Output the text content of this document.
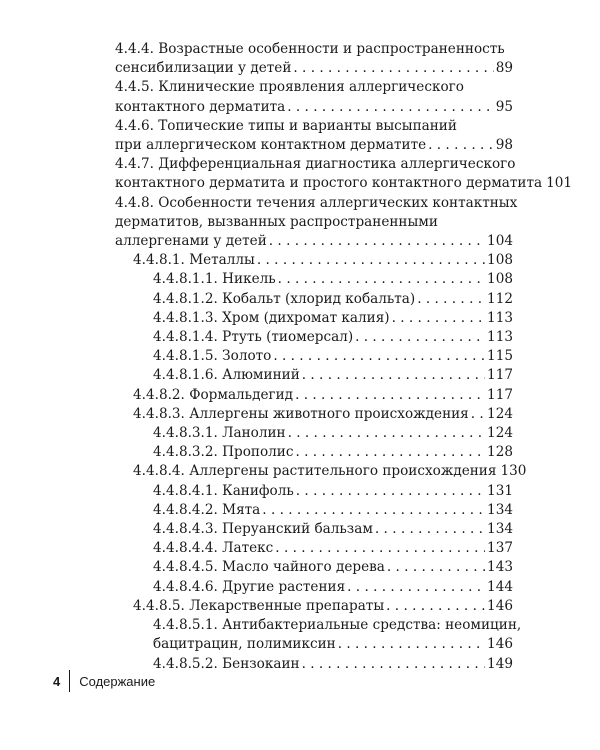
4.4.4. Возрастные особенности и распространенность
сенсибилизации у детей . . .	89
4.4.5. Клинические проявления аллергического
контактного дерматита . . .	95
4.4.6. Топические типы и варианты высыпаний
при аллергическом контактном дерматите . . .	98
4.4.7. Дифференциальная диагностика аллергического
контактного дерматита и простого контактного дерматита 101
4.4.8. Особенности течения аллергических контактных
дерматитов, вызванных распространенными
аллергенами у детей . . .	104
4.4.8.1. Металлы . . .	108
4.4.8.1.1. Никель . . .	108
4.4.8.1.2. Кобальт (хлорид кобальта) . . .	112
4.4.8.1.3. Хром (дихромат калия) . . .	113
4.4.8.1.4. Ртуть (тиомерсал) . . .	113
4.4.8.1.5. Золото . . .	115
4.4.8.1.6. Алюминий . . .	117
4.4.8.2. Формальдегид . . .	117
4.4.8.3. Аллергены животного происхождения . . . 124
4.4.8.3.1. Ланолин . . .	124
4.4.8.3.2. Прополис . . .	128
4.4.8.4. Аллергены растительного происхождения 130
4.4.8.4.1. Канифоль . . .	131
4.4.8.4.2. Мята . . .	134
4.4.8.4.3. Перуанский бальзам . . .	134
4.4.8.4.4. Латекс . . .	137
4.4.8.4.5. Масло чайного дерева . . .	143
4.4.8.4.6. Другие растения . . .	144
4.4.8.5. Лекарственные препараты . . .	146
4.4.8.5.1. Антибактериальные средства: неомицин,
бацитрацин, полимиксин . . .	146
4.4.8.5.2. Бензокаин . . .	149
4 Содержание
